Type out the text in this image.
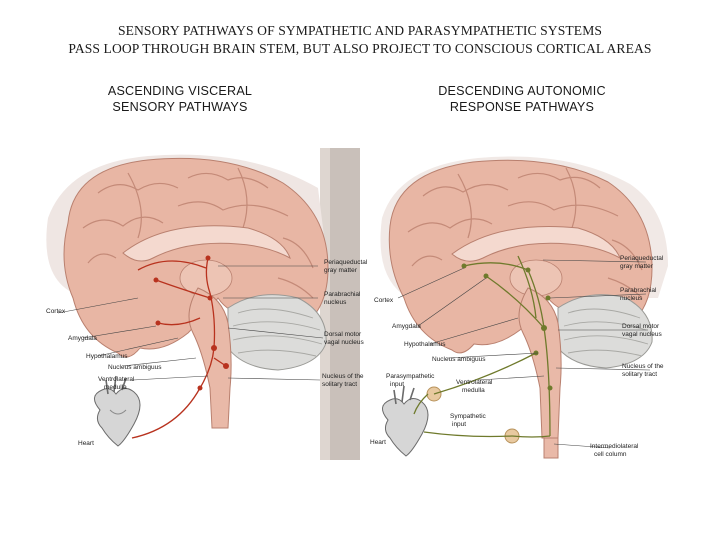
SENSORY PATHWAYS OF SYMPATHETIC AND PARASYMPATHETIC SYSTEMS
PASS LOOP THROUGH BRAIN STEM, BUT ALSO PROJECT TO CONSCIOUS CORTICAL AREAS
ASCENDING VISCERAL
SENSORY PATHWAYS
DESCENDING AUTONOMIC
RESPONSE PATHWAYS
Cortex
Amygdala
Hypothalamus
Nucleus ambiguus
Ventrolateral
medulla
Heart
Periaqueductal
gray matter
Parabrachial
nucleus
Dorsal motor
vagal nucleus
Nucleus of the
solitary tract
Cortex
Amygdala
Hypothalamus
Nucleus ambiguus
Parasympathetic
input	Ventrolateral
medulla
Sympathetic
input
Heart
Periaqueductal
gray matter
Parabrachial
nucleus
Dorsal motor
vagal nucleus
Nucleus of the
solitary tract
Intermediolateral
cell column
